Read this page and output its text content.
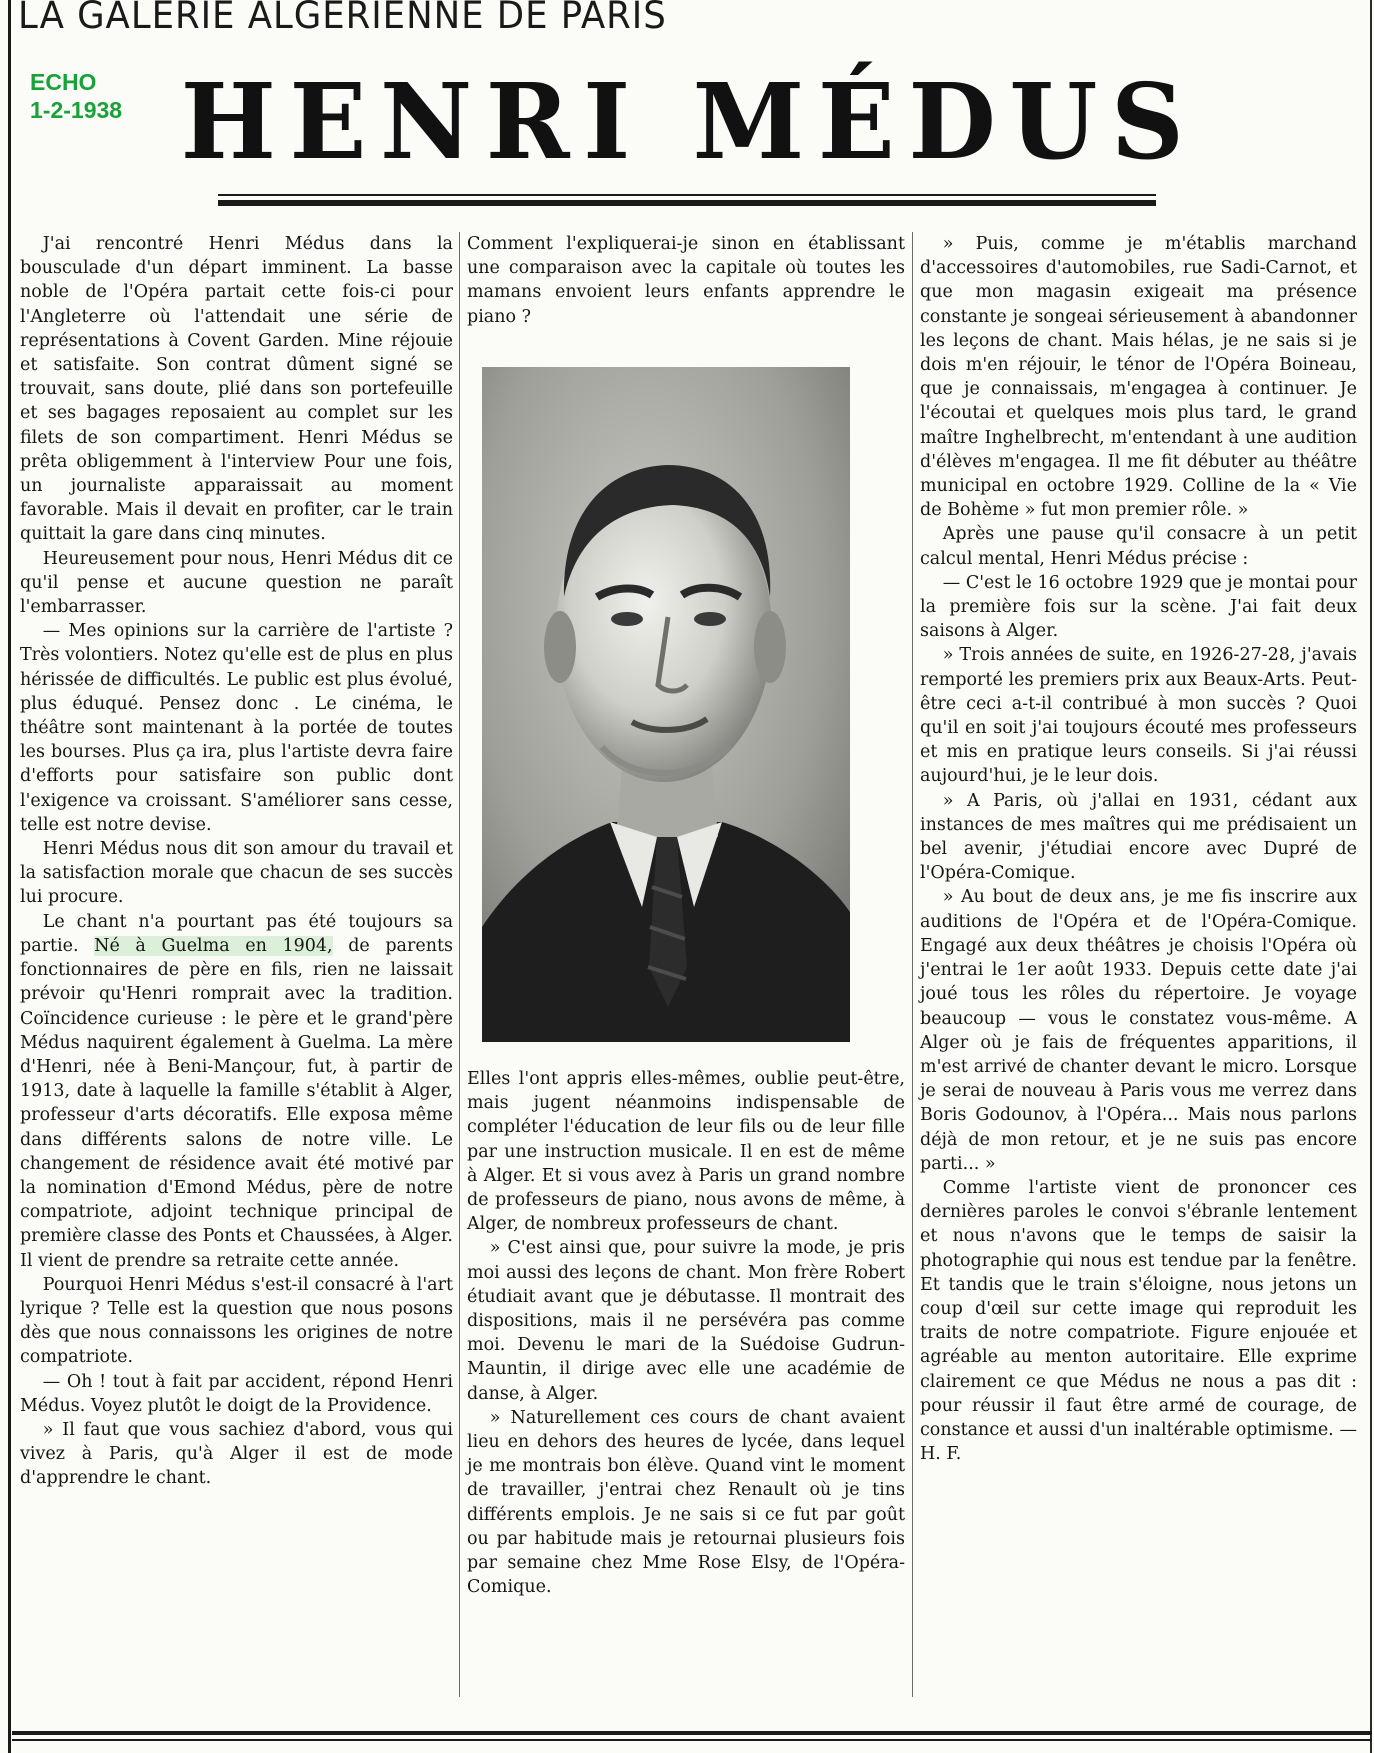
LA GALERIE ALGERIENNE DE PARIS
ECHO
1-2-1938 HENRI MÉDUS

J'ai rencontré Henri Médus dans la bousculade d'un départ imminent. La basse noble de l'Opéra partait cette fois-ci pour l'Angleterre où l'attendait une série de représentations à Covent Garden. Mine réjouie et satisfaite. Son contrat dûment signé se trouvait, sans doute, plié dans son portefeuille et ses bagages reposaient au complet sur les filets de son compartiment. Henri Médus se prêta obligemment à l'interview Pour une fois, un journaliste apparaissait au moment favorable. Mais il devait en profiter, car le train quittait la gare dans cinq minutes.

Heureusement pour nous, Henri Médus dit ce qu'il pense et aucune question ne paraît l'embarrasser.

— Mes opinions sur la carrière de l'artiste ? Très volontiers. Notez qu'elle est de plus en plus hérissée de difficultés. Le public est plus évolué, plus éduqué. Pensez donc . Le cinéma, le théâtre sont maintenant à la portée de toutes les bourses. Plus ça ira, plus l'artiste devra faire d'efforts pour satisfaire son public dont l'exigence va croissant. S'améliorer sans cesse, telle est notre devise.

Henri Médus nous dit son amour du travail et la satisfaction morale que chacun de ses succès lui procure.

Le chant n'a pourtant pas été toujours sa partie. Né à Guelma en 1904, de parents fonctionnaires de père en fils, rien ne laissait prévoir qu'Henri romprait avec la tradition. Coïncidence curieuse : le père et le grand'père Médus naquirent également à Guelma. La mère d'Henri, née à Beni-Mançour, fut, à partir de 1913, date à laquelle la famille s'établit à Alger, professeur d'arts décoratifs. Elle exposa même dans différents salons de notre ville. Le changement de résidence avait été motivé par la nomination d'Emond Médus, père de notre compatriote, adjoint technique principal de première classe des Ponts et Chaussées, à Alger. Il vient de prendre sa retraite cette année.

Pourquoi Henri Médus s'est-il consacré à l'art lyrique ? Telle est la question que nous posons dès que nous connaissons les origines de notre compatriote.

— Oh ! tout à fait par accident, répond Henri Médus. Voyez plutôt le doigt de la Providence.

» Il faut que vous sachiez d'abord, vous qui vivez à Paris, qu'à Alger il est de mode d'apprendre le chant.

Comment l'expliquerai-je sinon en établissant une comparaison avec la capitale où toutes les mamans envoient leurs enfants apprendre le piano ?

Elles l'ont appris elles-mêmes, oublie peut-être, mais jugent néanmoins indispensable de compléter l'éducation de leur fils ou de leur fille par une instruction musicale. Il en est de même à Alger. Et si vous avez à Paris un grand nombre de professeurs de piano, nous avons de même, à Alger, de nombreux professeurs de chant.

» C'est ainsi que, pour suivre la mode, je pris moi aussi des leçons de chant. Mon frère Robert étudiait avant que je débutasse. Il montrait des dispositions, mais il ne persévéra pas comme moi. Devenu le mari de la Suédoise Gudrun-Mauntin, il dirige avec elle une académie de danse, à Alger.

» Naturellement ces cours de chant avaient lieu en dehors des heures de lycée, dans lequel je me montrais bon élève. Quand vint le moment de travailler, j'entrai chez Renault où je tins différents emplois. Je ne sais si ce fut par goût ou par habitude mais je retournai plusieurs fois par semaine chez Mme Rose Elsy, de l'Opéra-Comique.

» Puis, comme je m'établis marchand d'accessoires d'automobiles, rue Sadi-Carnot, et que mon magasin exigeait ma présence constante je songeai sérieusement à abandonner les leçons de chant. Mais hélas, je ne sais si je dois m'en réjouir, le ténor de l'Opéra Boineau, que je connaissais, m'engagea à continuer. Je l'écoutai et quelques mois plus tard, le grand maître Inghelbrecht, m'entendant à une audition d'élèves m'engagea. Il me fit débuter au théâtre municipal en octobre 1929. Colline de la « Vie de Bohème » fut mon premier rôle. »

Après une pause qu'il consacre à un petit calcul mental, Henri Médus précise :

— C'est le 16 octobre 1929 que je montai pour la première fois sur la scène. J'ai fait deux saisons à Alger.

» Trois années de suite, en 1926-27-28, j'avais remporté les premiers prix aux Beaux-Arts. Peut-être ceci a-t-il contribué à mon succès ? Quoi qu'il en soit j'ai toujours écouté mes professeurs et mis en pratique leurs conseils. Si j'ai réussi aujourd'hui, je le leur dois.

» A Paris, où j'allai en 1931, cédant aux instances de mes maîtres qui me prédisaient un bel avenir, j'étudiai encore avec Dupré de l'Opéra-Comique.

» Au bout de deux ans, je me fis inscrire aux auditions de l'Opéra et de l'Opéra-Comique. Engagé aux deux théâtres je choisis l'Opéra où j'entrai le 1er août 1933. Depuis cette date j'ai joué tous les rôles du répertoire. Je voyage beaucoup — vous le constatez vous-même. A Alger où je fais de fréquentes apparitions, il m'est arrivé de chanter devant le micro. Lorsque je serai de nouveau à Paris vous me verrez dans Boris Godounov, à l'Opéra... Mais nous parlons déjà de mon retour, et je ne suis pas encore parti... »

Comme l'artiste vient de prononcer ces dernières paroles le convoi s'ébranle lentement et nous n'avons que le temps de saisir la photographie qui nous est tendue par la fenêtre. Et tandis que le train s'éloigne, nous jetons un coup d'œil sur cette image qui reproduit les traits de notre compatriote. Figure enjouée et agréable au menton autoritaire. Elle exprime clairement ce que Médus ne nous a pas dit : pour réussir il faut être armé de courage, de constance et aussi d'un inaltérable optimisme. — H. F.
